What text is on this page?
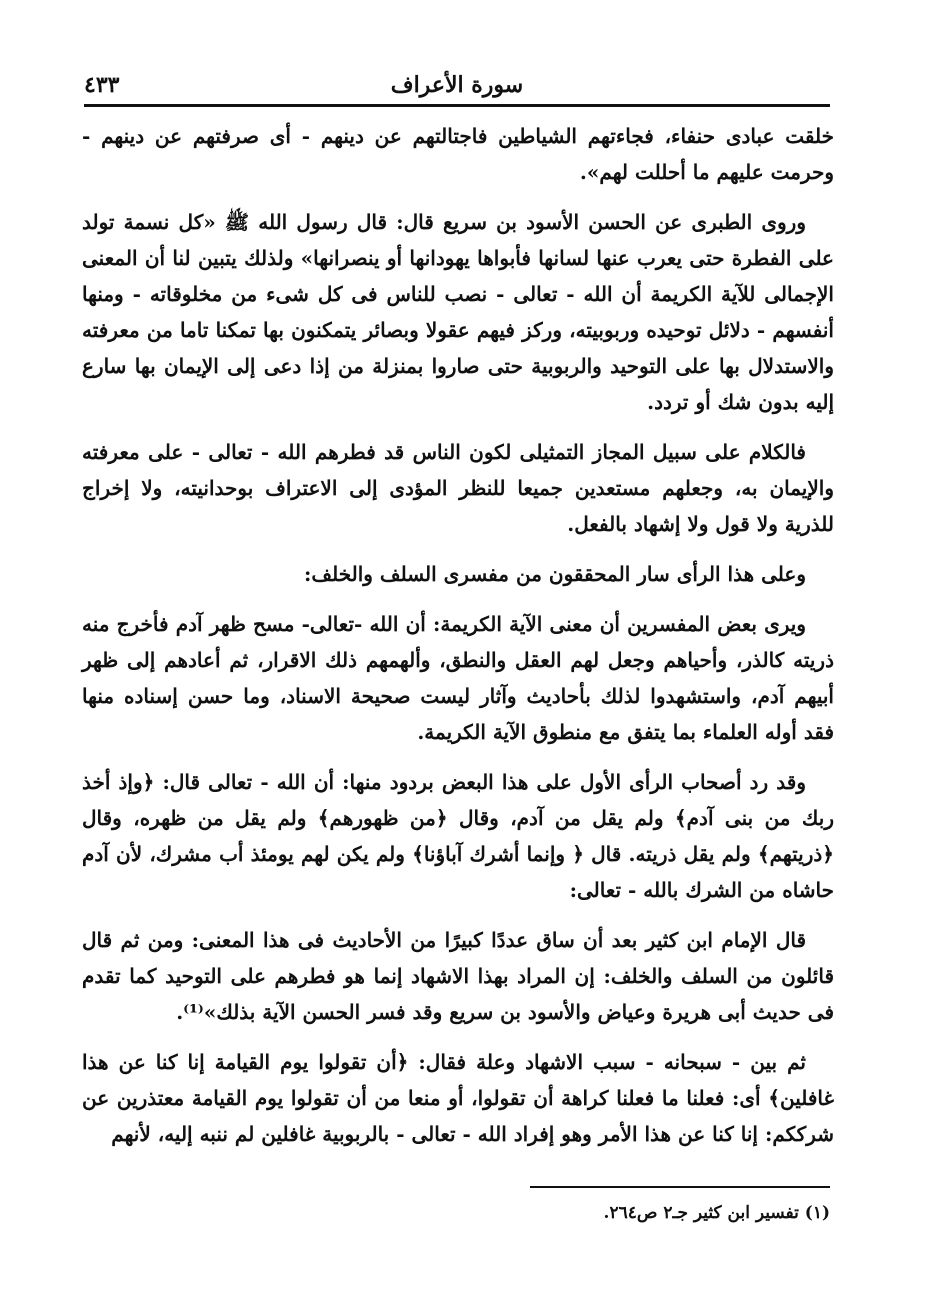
٤٣٣	سورة الأعراف

خلقت عبادى حنفاء، فجاءتهم الشياطين فاجتالتهم عن دينهم - أى صرفتهم عن دينهم - وحرمت عليهم ما أحللت لهم».

وروى الطبرى عن الحسن الأسود بن سريع قال: قال رسول الله ﷺ «كل نسمة تولد على الفطرة حتى يعرب عنها لسانها فأبواها يهودانها أو ينصرانها» ولذلك يتبين لنا أن المعنى الإجمالى للآية الكريمة أن الله - تعالى - نصب للناس فى كل شىء من مخلوقاته - ومنها أنفسهم - دلائل توحيده وربوبيته، وركز فيهم عقولا وبصائر يتمكنون بها تمكنا تاما من معرفته والاستدلال بها على التوحيد والربوبية حتى صاروا بمنزلة من إذا دعى إلى الإيمان بها سارع إليه بدون شك أو تردد.

فالكلام على سبيل المجاز التمثيلى لكون الناس قد فطرهم الله - تعالى - على معرفته والإيمان به، وجعلهم مستعدين جميعا للنظر المؤدى إلى الاعتراف بوحدانيته، ولا إخراج للذرية ولا قول ولا إشهاد بالفعل.

وعلى هذا الرأى سار المحققون من مفسرى السلف والخلف:

ويرى بعض المفسرين أن معنى الآية الكريمة: أن الله -تعالى- مسح ظهر آدم فأخرج منه ذريته كالذر، وأحياهم وجعل لهم العقل والنطق، وألهمهم ذلك الاقرار، ثم أعادهم إلى ظهر أبيهم آدم، واستشهدوا لذلك بأحاديث وآثار ليست صحيحة الاسناد، وما حسن إسناده منها فقد أوله العلماء بما يتفق مع منطوق الآية الكريمة.

وقد رد أصحاب الرأى الأول على هذا البعض بردود منها: أن الله - تعالى قال: ﴿وإذ أخذ ربك من بنى آدم﴾ ولم يقل من آدم، وقال ﴿من ظهورهم﴾ ولم يقل من ظهره، وقال ﴿ذريتهم﴾ ولم يقل ذريته. قال ﴿ وإنما أشرك آباؤنا﴾ ولم يكن لهم يومئذ أب مشرك، لأن آدم حاشاه من الشرك بالله - تعالى:

قال الإمام ابن كثير بعد أن ساق عددًا كبيرًا من الأحاديث فى هذا المعنى: ومن ثم قال قائلون من السلف والخلف: إن المراد بهذا الاشهاد إنما هو فطرهم على التوحيد كما تقدم فى حديث أبى هريرة وعياض والأسود بن سريع وقد فسر الحسن الآية بذلك»⁽¹⁾.

ثم بين - سبحانه - سبب الاشهاد وعلة فقال: ﴿أن تقولوا يوم القيامة إنا كنا عن هذا غافلين﴾ أى: فعلنا ما فعلنا كراهة أن تقولوا، أو منعا من أن تقولوا يوم القيامة معتذرين عن شرككم: إنا كنا عن هذا الأمر وهو إفراد الله - تعالى - بالربوبية غافلين لم ننبه إليه، لأنهم

(١) تفسير ابن كثير جـ٢ ص٢٦٤.
